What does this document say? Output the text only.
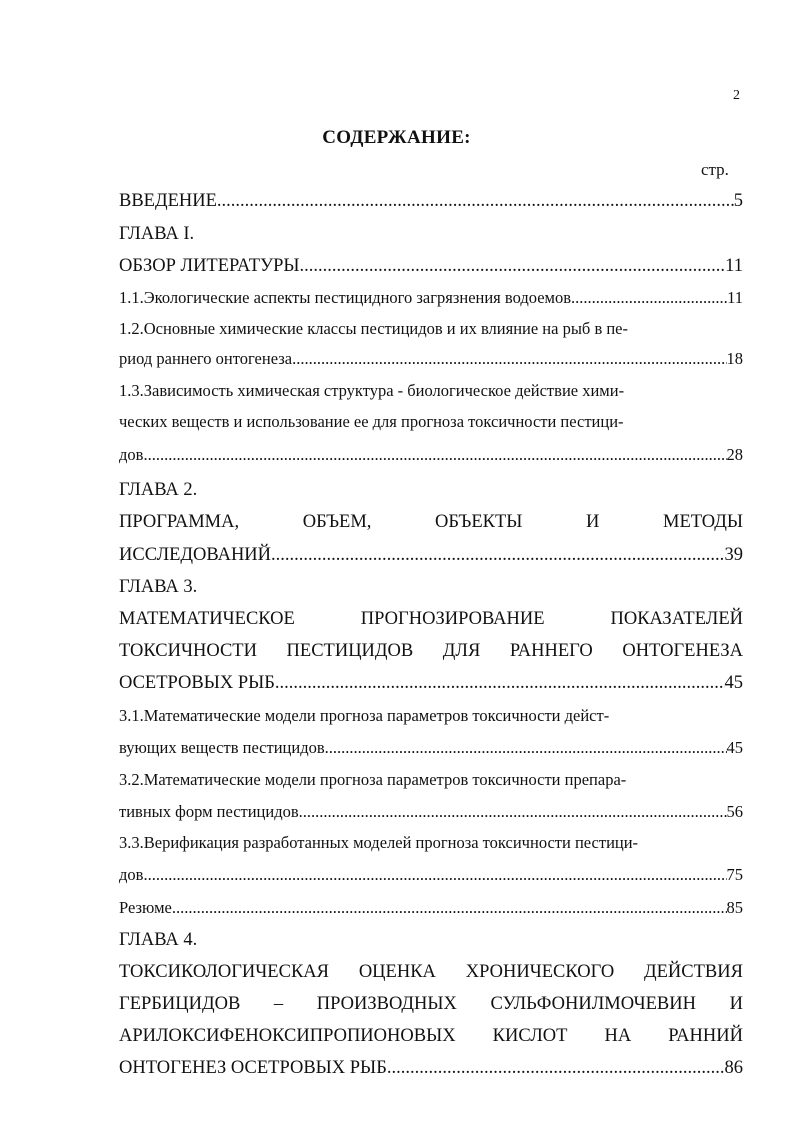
2
СОДЕРЖАНИЕ:
стр.
ВВЕДЕНИЕ .....	5
ГЛАВА I.
ОБЗОР ЛИТЕРАТУРЫ .....	11
1.1.Экологические аспекты пестицидного загрязнения водоемов .....	11
1.2.Основные химические классы пестицидов и их влияние на рыб в пе-
риод раннего онтогенеза .....	18
1.3.Зависимость химическая структура - биологическое действие хими-
ческих веществ и использование ее для прогноза токсичности пестици-
дов .....	28
ГЛАВА 2.
ПРОГРАММА,	ОБЪЕМ,	ОБЪЕКТЫ	И	МЕТОДЫ
ИССЛЕДОВАНИЙ .....	39
ГЛАВА 3.
МАТЕМАТИЧЕСКОЕ	ПРОГНОЗИРОВАНИЕ	ПОКАЗАТЕЛЕЙ
ТОКСИЧНОСТИ ПЕСТИЦИДОВ ДЛЯ РАННЕГО ОНТОГЕНЕЗА
ОСЕТРОВЫХ РЫБ .....	45
3.1.Математические модели прогноза параметров токсичности дейст-
вующих веществ пестицидов .....	45
3.2.Математические модели прогноза параметров токсичности препара-
тивных форм пестицидов .....	56
3.3.Верификация разработанных моделей прогноза токсичности пестици-
дов .....	75
Резюме .....	85
ГЛАВА 4.
ТОКСИКОЛОГИЧЕСКАЯ ОЦЕНКА ХРОНИЧЕСКОГО ДЕЙСТВИЯ
ГЕРБИЦИДОВ – ПРОИЗВОДНЫХ СУЛЬФОНИЛМОЧЕВИН И
АРИЛОКСИФЕНОКСИПРОПИОНОВЫХ КИСЛОТ НА РАННИЙ
ОНТОГЕНЕЗ ОСЕТРОВЫХ РЫБ .....	86
